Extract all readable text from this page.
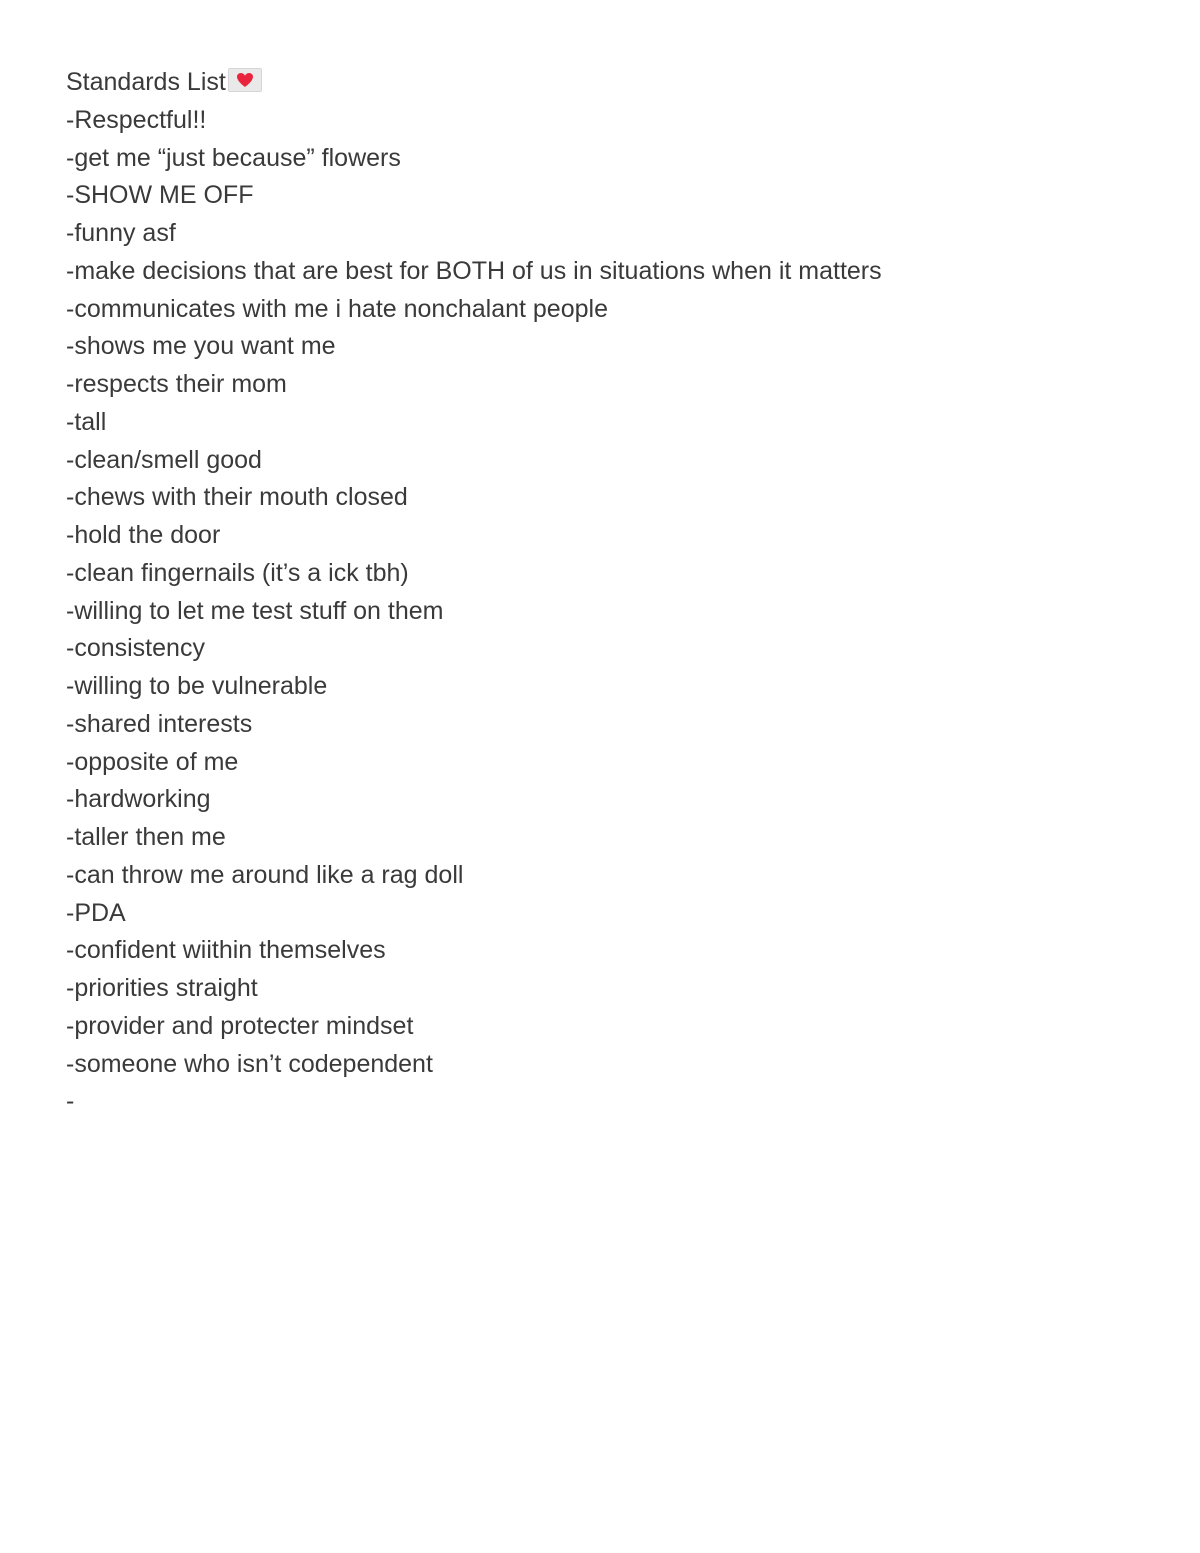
Standards List
-Respectful!!
-get me “just because” flowers
-SHOW ME OFF
-funny asf
-make decisions that are best for BOTH of us in situations when it matters
-communicates with me i hate nonchalant people
-shows me you want me
-respects their mom
-tall
-clean/smell good
-chews with their mouth closed
-hold the door
-clean fingernails (it’s a ick tbh)
-willing to let me test stuff on them
-consistency
-willing to be vulnerable
-shared interests
-opposite of me
-hardworking
-taller then me
-can throw me around like a rag doll
-PDA
-confident wiithin themselves
-priorities straight
-provider and protecter mindset
-someone who isn’t codependent
-
